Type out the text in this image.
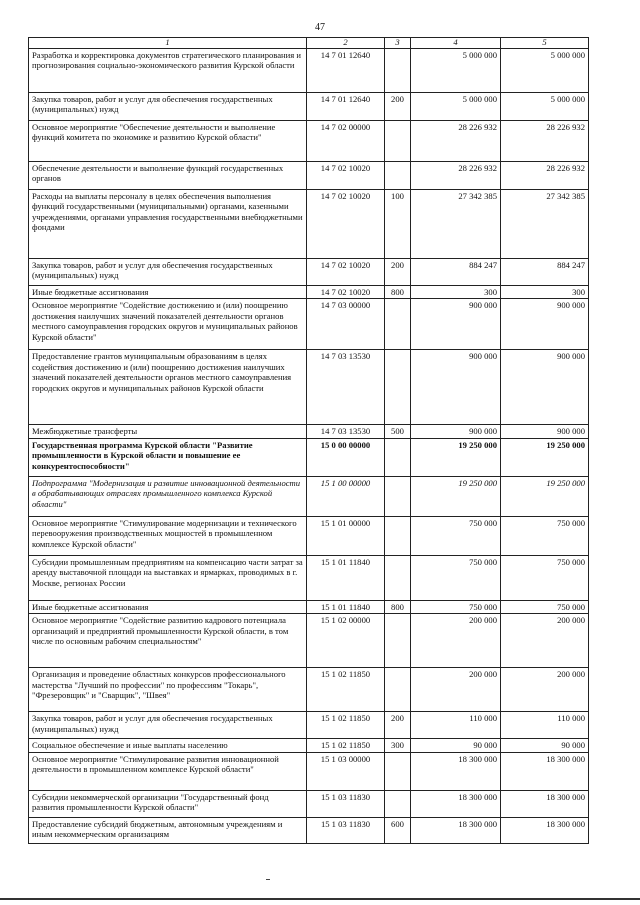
47
1	2	3	4	5
Разработка и корректировка документов стратегического планирования и прогнозирования социально-экономического развития Курской области	14 7 01 12640		5 000 000	5 000 000
Закупка товаров, работ и услуг для обеспечения государственных (муниципальных) нужд	14 7 01 12640	200	5 000 000	5 000 000
Основное мероприятие "Обеспечение деятельности и выполнение функций комитета по экономике и развитию Курской области"	14 7 02 00000		28 226 932	28 226 932
Обеспечение деятельности и выполнение функций государственных органов	14 7 02 10020		28 226 932	28 226 932
Расходы на выплаты персоналу в целях обеспечения выполнения функций государственными (муниципальными) органами, казенными учреждениями, органами управления государственными внебюджетными фондами	14 7 02 10020	100	27 342 385	27 342 385
Закупка товаров, работ и услуг для обеспечения государственных (муниципальных) нужд	14 7 02 10020	200	884 247	884 247
Иные бюджетные ассигнования	14 7 02 10020	800	300	300
Основное мероприятие "Содействие достижению и (или) поощрению достижения наилучших значений показателей деятельности органов местного самоуправления городских округов и муниципальных районов Курской области"	14 7 03 00000		900 000	900 000
Предоставление грантов муниципальным образованиям в целях содействия достижению и (или) поощрению достижения наилучших значений показателей деятельности органов местного самоуправления городских округов и муниципальных районов Курской области	14 7 03 13530		900 000	900 000
Межбюджетные трансферты	14 7 03 13530	500	900 000	900 000
Государственная программа Курской области "Развитие промышленности в Курской области и повышение ее конкурентоспособности"	15 0 00 00000		19 250 000	19 250 000
Подпрограмма "Модернизация и развитие инновационной деятельности в обрабатывающих отраслях промышленного комплекса Курской области"	15 1 00 00000		19 250 000	19 250 000
Основное мероприятие "Стимулирование модернизации и технического перевооружения производственных мощностей в промышленном комплексе Курской области"	15 1 01 00000		750 000	750 000
Субсидии промышленным предприятиям на компенсацию части затрат за аренду выставочной площади на выставках и ярмарках, проводимых в г. Москве, регионах России	15 1 01 11840		750 000	750 000
Иные бюджетные ассигнования	15 1 01 11840	800	750 000	750 000
Основное мероприятие "Содействие развитию кадрового потенциала организаций и предприятий промышленности Курской области, в том числе по основным рабочим специальностям"	15 1 02 00000		200 000	200 000
Организация и проведение областных конкурсов профессионального мастерства "Лучший по профессии" по профессиям "Токарь", "Фрезеровщик" и "Сварщик", "Швея"	15 1 02 11850		200 000	200 000
Закупка товаров, работ и услуг для обеспечения государственных (муниципальных) нужд	15 1 02 11850	200	110 000	110 000
Социальное обеспечение и иные выплаты населению	15 1 02 11850	300	90 000	90 000
Основное мероприятие "Стимулирование развития инновационной деятельности в промышленном комплексе Курской области"	15 1 03 00000		18 300 000	18 300 000
Субсидии некоммерческой организации "Государственный фонд развития промышленности Курской области"	15 1 03 11830		18 300 000	18 300 000
Предоставление субсидий бюджетным, автономным учреждениям и иным некоммерческим организациям	15 1 03 11830	600	18 300 000	18 300 000
